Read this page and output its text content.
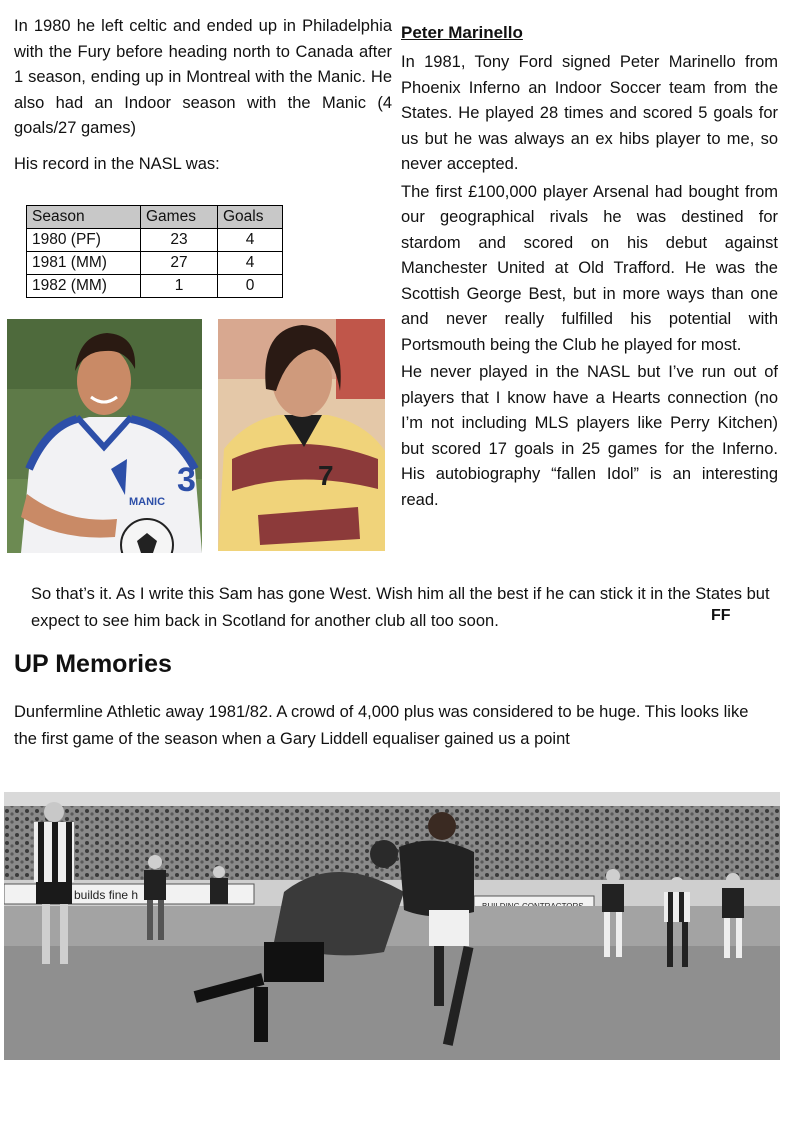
In 1980 he left celtic and ended up in Philadelphia with the Fury before heading north to Canada after 1 season, ending up in Montreal with the Manic. He also had an Indoor season with the Manic (4 goals/27 games)

His record in the NASL was:

Season	Games	Goals
1980 (PF)	23	4
1981 (MM)	27	4
1982 (MM)	1	0
MANIC
3	7

Peter Marinello

In 1981, Tony Ford signed Peter Marinello from Phoenix Inferno an Indoor Soccer team from the States. He played 28 times and scored 5 goals for us but he was always an ex hibs player to me, so never accepted.

The first £100,000 player Arsenal had bought from our geographical rivals he was destined for stardom and scored on his debut against Manchester United at Old Trafford. He was the Scottish George Best, but in more ways than one and never really fulfilled his potential with Portsmouth being the Club he played for most.

He never played in the NASL but I’ve run out of players that I know have a Hearts connection (no I’m not including MLS players like Perry Kitchen) but scored 17 goals in 25 games for the Inferno. His autobiography “fallen Idol” is an interesting read.

So that’s it. As I write this Sam has gone West. Wish him all the best if he can stick it in the States but expect to see him back in Scotland for another club all too soon.	FF
UP Memories
Dunfermline Athletic away 1981/82. A crowd of 4,000 plus was considered to be huge. This looks like the first game of the season when a Gary Liddell equaliser gained us a point
builds fine h
